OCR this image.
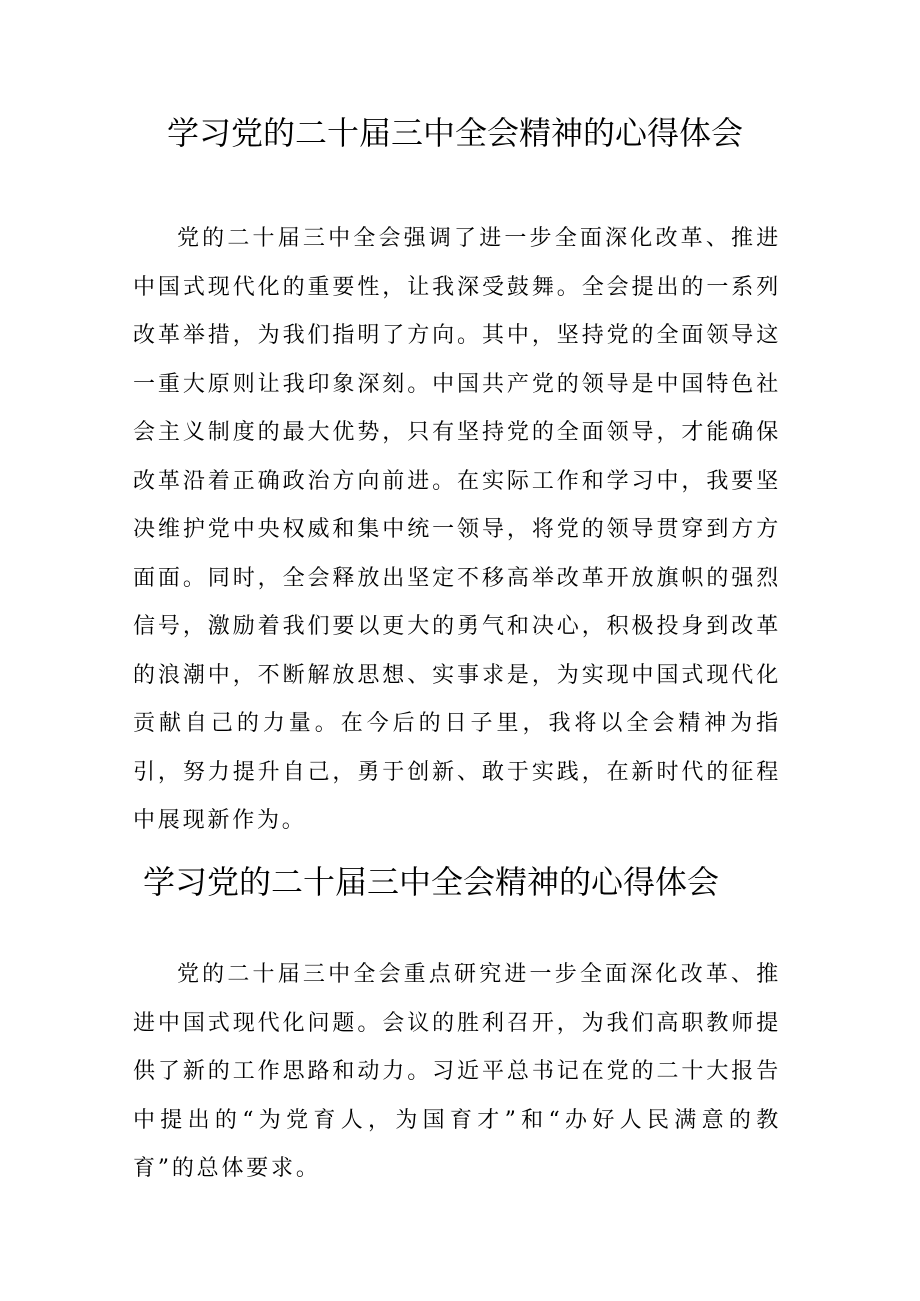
学习党的二十届三中全会精神的心得体会

党的二十届三中全会强调了进一步全面深化改革、推进中国式现代化的重要性，让我深受鼓舞。全会提出的一系列改革举措，为我们指明了方向。其中，坚持党的全面领导这一重大原则让我印象深刻。中国共产党的领导是中国特色社会主义制度的最大优势，只有坚持党的全面领导，才能确保改革沿着正确政治方向前进。在实际工作和学习中，我要坚决维护党中央权威和集中统一领导，将党的领导贯穿到方方面面。同时，全会释放出坚定不移高举改革开放旗帜的强烈信号，激励着我们要以更大的勇气和决心，积极投身到改革的浪潮中，不断解放思想、实事求是，为实现中国式现代化贡献自己的力量。在今后的日子里，我将以全会精神为指引，努力提升自己，勇于创新、敢于实践，在新时代的征程中展现新作为。

学习党的二十届三中全会精神的心得体会

党的二十届三中全会重点研究进一步全面深化改革、推进中国式现代化问题。会议的胜利召开，为我们高职教师提供了新的工作思路和动力。习近平总书记在党的二十大报告中提出的“为党育人，为国育才”和“办好人民满意的教育”的总体要求。
